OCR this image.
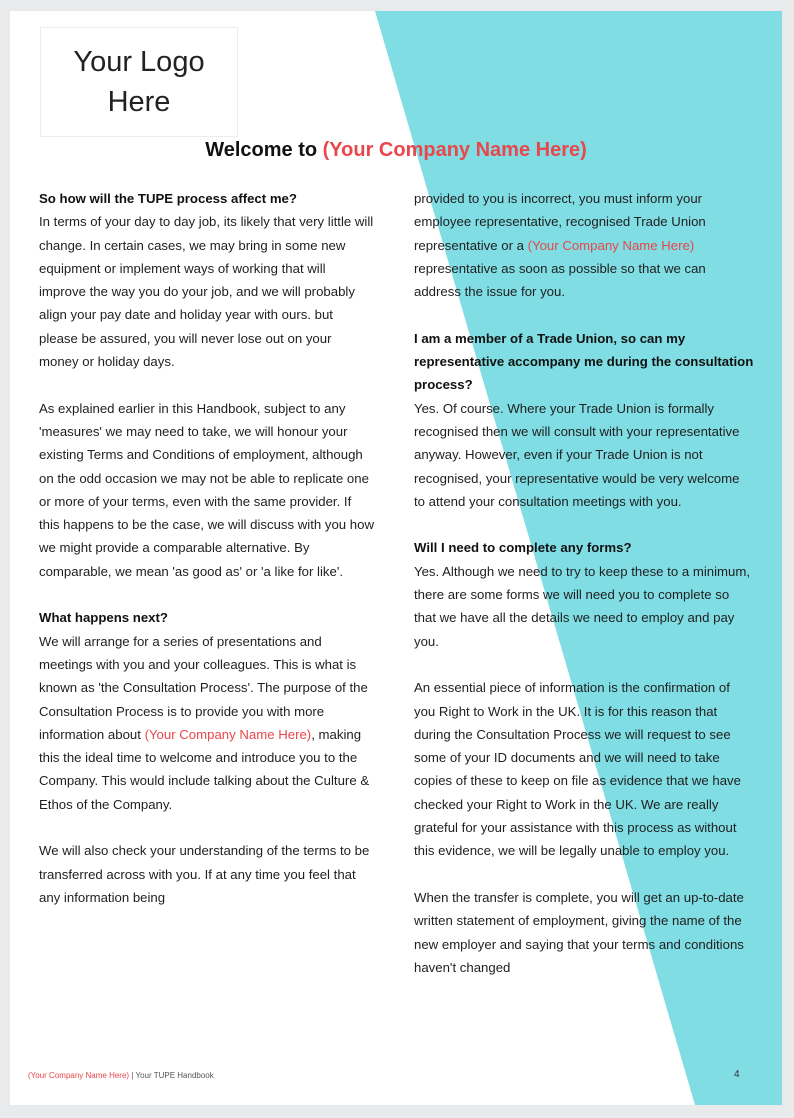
Your Logo Here
Welcome to (Your Company Name Here)
So how will the TUPE process affect me?

In terms of your day to day job, its likely that very little will change. In certain cases, we may bring in some new equipment or implement ways of working that will improve the way you do your job, and we will probably align your pay date and holiday year with ours. but please be assured, you will never lose out on your money or holiday days.

As explained earlier in this Handbook, subject to any 'measures' we may need to take, we will honour your existing Terms and Conditions of employment, although on the odd occasion we may not be able to replicate one or more of your terms, even with the same provider. If this happens to be the case, we will discuss with you how we might provide a comparable alternative. By comparable, we mean 'as good as' or 'a like for like'.

What happens next?

We will arrange for a series of presentations and meetings with you and your colleagues. This is what is known as 'the Consultation Process'. The purpose of the Consultation Process is to provide you with more information about (Your Company Name Here), making this the ideal time to welcome and introduce you to the Company. This would include talking about the Culture & Ethos of the Company.

We will also check your understanding of the terms to be transferred across with you. If at any time you feel that any information being

provided to you is incorrect, you must inform your employee representative, recognised Trade Union representative or a (Your Company Name Here) representative as soon as possible so that we can address the issue for you.

I am a member of a Trade Union, so can my representative accompany me during the consultation process?

Yes. Of course. Where your Trade Union is formally recognised then we will consult with your representative anyway. However, even if your Trade Union is not recognised, your representative would be very welcome to attend your consultation meetings with you.

Will I need to complete any forms?

Yes. Although we need to try to keep these to a minimum, there are some forms we will need you to complete so that we have all the details we need to employ and pay you.

An essential piece of information is the confirmation of you Right to Work in the UK. It is for this reason that during the Consultation Process we will request to see some of your ID documents and we will need to take copies of these to keep on file as evidence that we have checked your Right to Work in the UK. We are really grateful for your assistance with this process as without this evidence, we will be legally unable to employ you.

When the transfer is complete, you will get an up-to-date written statement of employment, giving the name of the new employer and saying that your terms and conditions haven't changed

(Your Company Name Here) | Your TUPE Handbook	4
